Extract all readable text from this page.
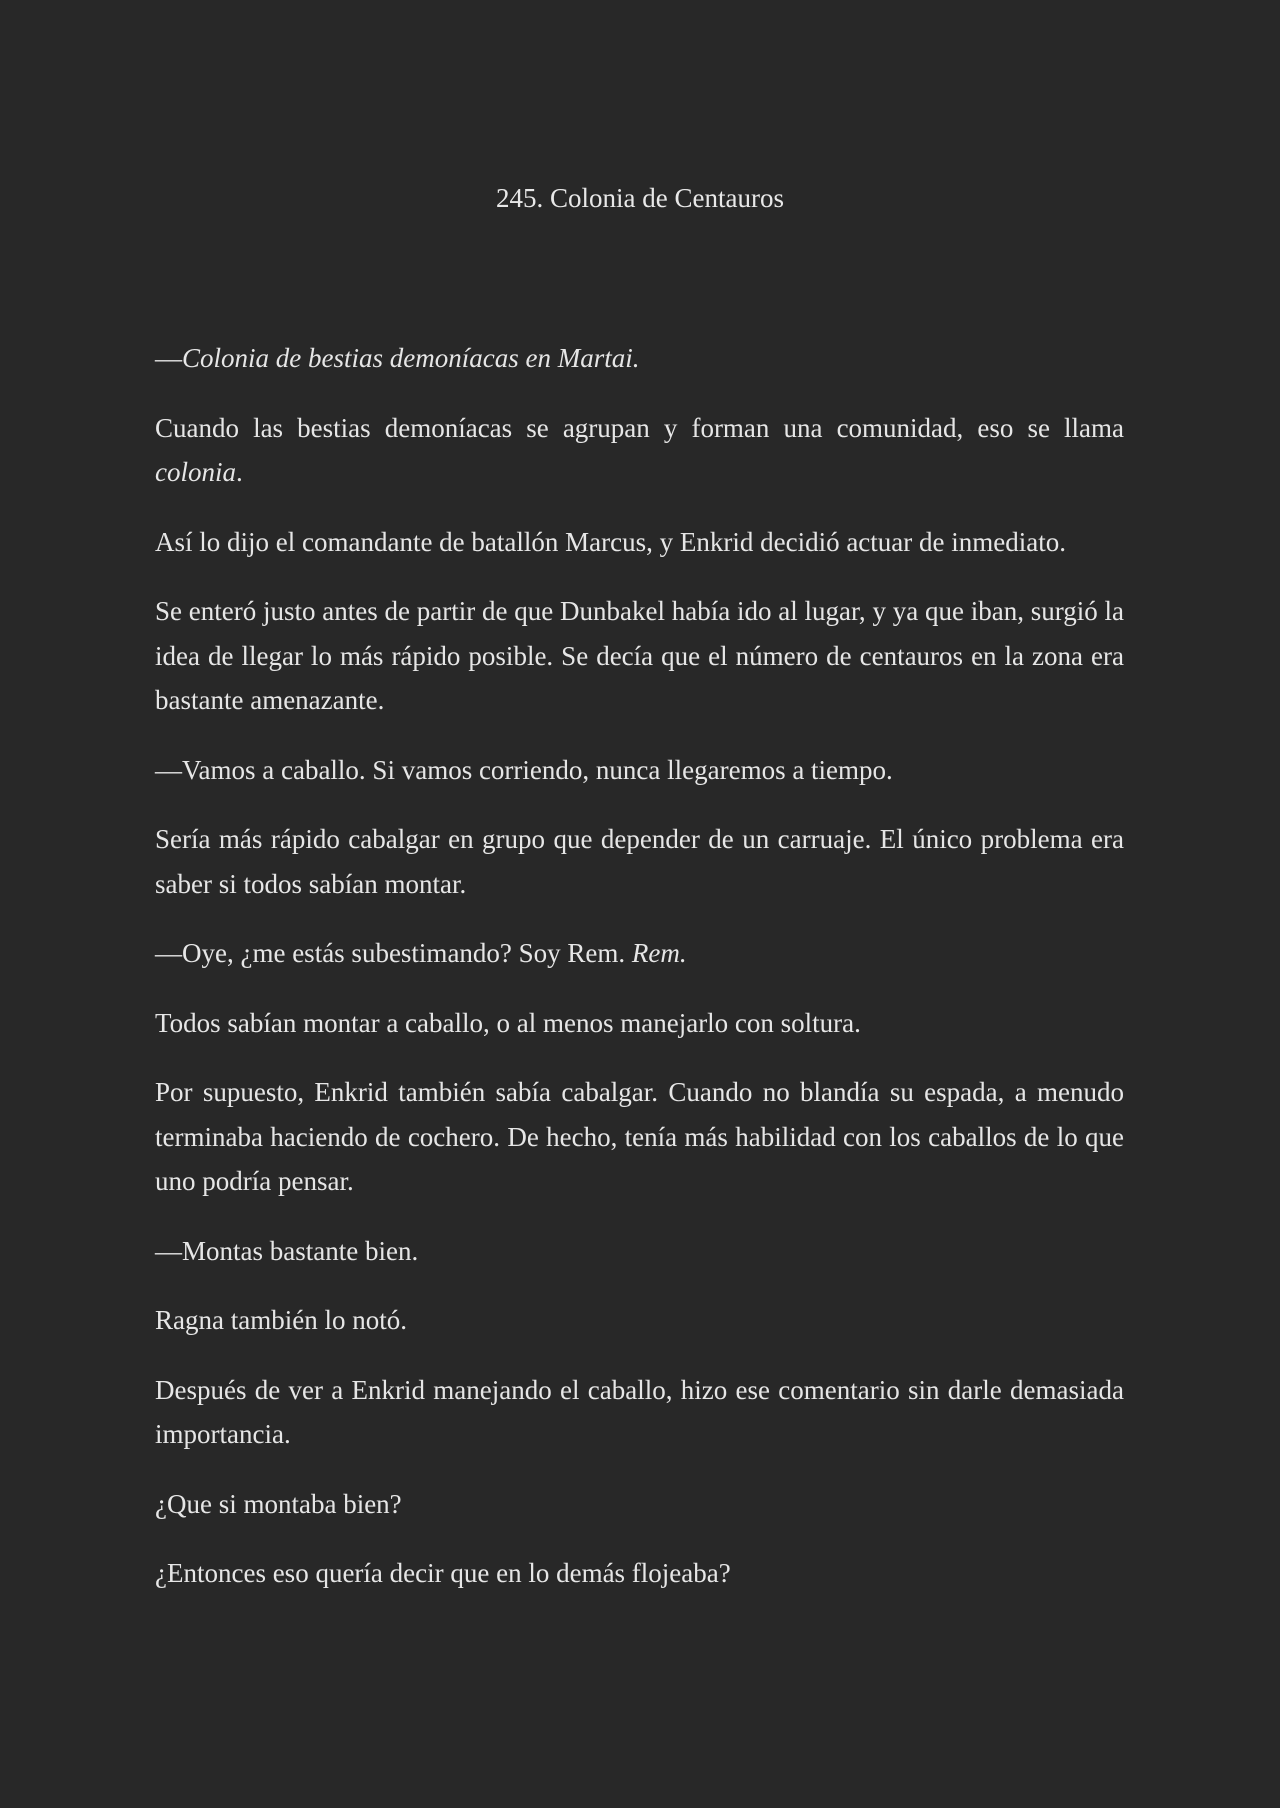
245. Colonia de Centauros

—Colonia de bestias demoníacas en Martai.

Cuando las bestias demoníacas se agrupan y forman una comunidad, eso se llama colonia.

Así lo dijo el comandante de batallón Marcus, y Enkrid decidió actuar de inmediato.

Se enteró justo antes de partir de que Dunbakel había ido al lugar, y ya que iban, surgió la idea de llegar lo más rápido posible. Se decía que el número de centauros en la zona era bastante amenazante.

—Vamos a caballo. Si vamos corriendo, nunca llegaremos a tiempo.

Sería más rápido cabalgar en grupo que depender de un carruaje. El único problema era saber si todos sabían montar.

—Oye, ¿me estás subestimando? Soy Rem. Rem.

Todos sabían montar a caballo, o al menos manejarlo con soltura.

Por supuesto, Enkrid también sabía cabalgar. Cuando no blandía su espada, a menudo terminaba haciendo de cochero. De hecho, tenía más habilidad con los caballos de lo que uno podría pensar.

—Montas bastante bien.

Ragna también lo notó.

Después de ver a Enkrid manejando el caballo, hizo ese comentario sin darle demasiada importancia.

¿Que si montaba bien?

¿Entonces eso quería decir que en lo demás flojeaba?
